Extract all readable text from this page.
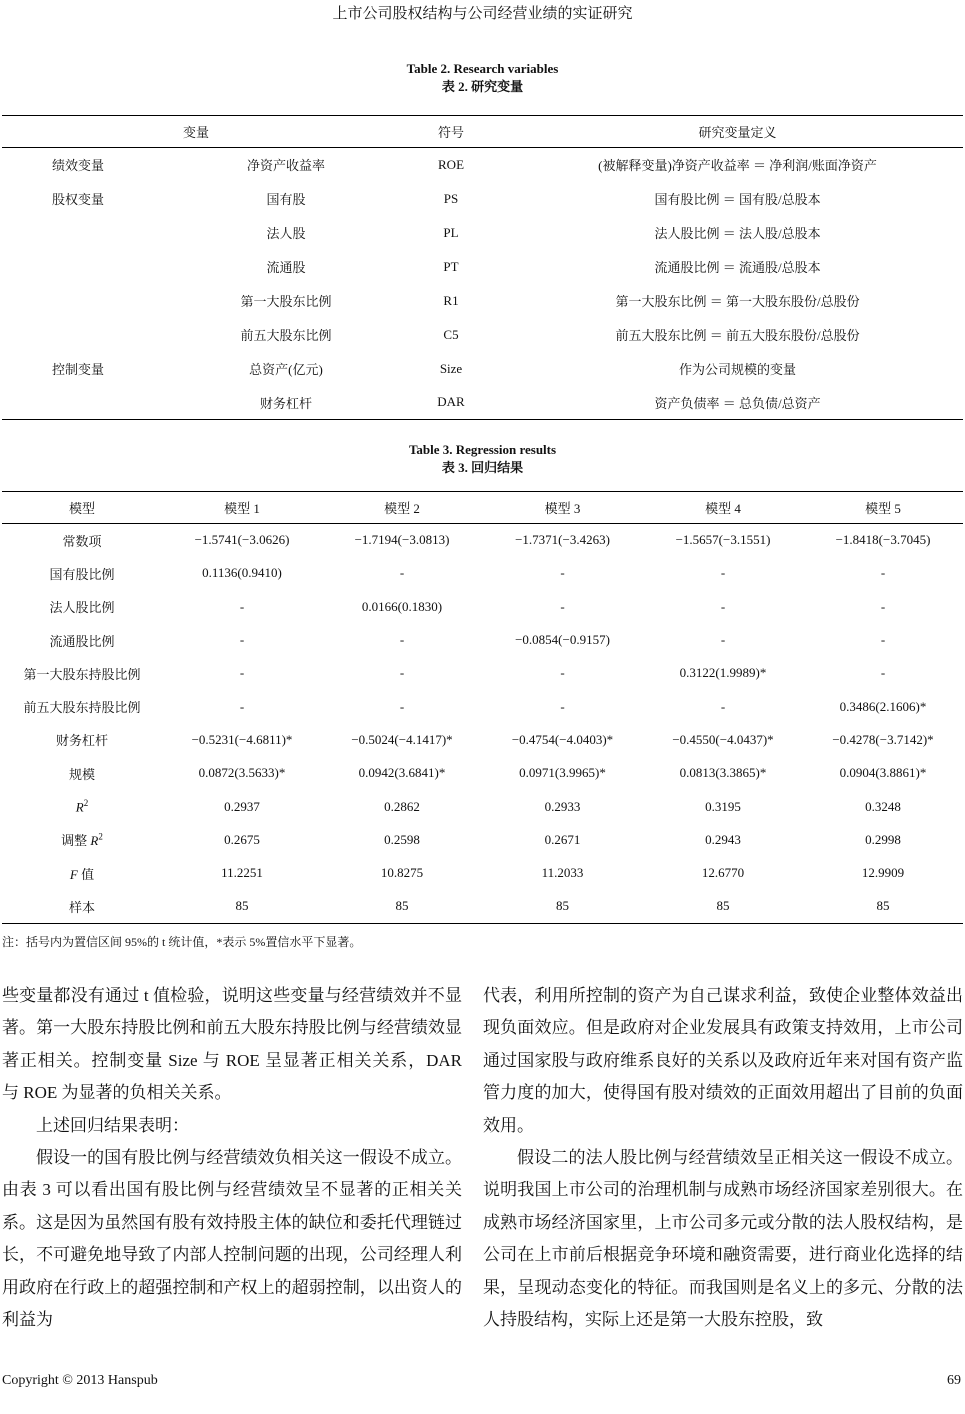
上市公司股权结构与公司经营业绩的实证研究
Table 2. Research variables
表 2. 研究变量
变量		符号	研究变量定义
绩效变量	净资产收益率	ROE	(被解释变量)净资产收益率 ＝ 净利润/账面净资产
股权变量	国有股	PS	国有股比例 ＝ 国有股/总股本
	法人股	PL	法人股比例 ＝ 法人股/总股本
	流通股	PT	流通股比例 ＝ 流通股/总股本
	第一大股东比例	R1	第一大股东比例 ＝ 第一大股东股份/总股份
	前五大股东比例	C5	前五大股东比例 ＝ 前五大股东股份/总股份
控制变量	总资产(亿元)	Size	作为公司规模的变量
	财务杠杆	DAR	资产负债率 ＝ 总负债/总资产
Table 3. Regression results
表 3. 回归结果
模型	模型 1	模型 2	模型 3	模型 4	模型 5
常数项	−1.5741(−3.0626)	−1.7194(−3.0813)	−1.7371(−3.4263)	−1.5657(−3.1551)	−1.8418(−3.7045)
国有股比例	0.1136(0.9410)	-	-	-	-
法人股比例	-	0.0166(0.1830)	-	-	-
流通股比例	-	-	−0.0854(−0.9157)	-	-
第一大股东持股比例	-	-	-	0.3122(1.9989)*	-
前五大股东持股比例	-	-	-	-	0.3486(2.1606)*
财务杠杆	−0.5231(−4.6811)*	−0.5024(−4.1417)*	−0.4754(−4.0403)*	−0.4550(−4.0437)*	−0.4278(−3.7142)*
规模	0.0872(3.5633)*	0.0942(3.6841)*	0.0971(3.9965)*	0.0813(3.3865)*	0.0904(3.8861)*
$R^2$	0.2937	0.2862	0.2933	0.3195	0.3248
调整 $R^2$	0.2675	0.2598	0.2671	0.2943	0.2998
F 值	11.2251	10.8275	11.2033	12.6770	12.9909
样本	85	85	85	85	85
注：括号内为置信区间 95%的 t 统计值，*表示 5%置信水平下显著。

些变量都没有通过 t 值检验，说明这些变量与经营绩效并不显著。第一大股东持股比例和前五大股东持股比例与经营绩效显著正相关。控制变量 Size 与 ROE 呈显著正相关关系，DAR 与 ROE 为显著的负相关关系。

上述回归结果表明：

假设一的国有股比例与经营绩效负相关这一假设不成立。由表 3 可以看出国有股比例与经营绩效呈不显著的正相关关系。这是因为虽然国有股有效持股主体的缺位和委托代理链过长，不可避免地导致了内部人控制问题的出现，公司经理人利用政府在行政上的超强控制和产权上的超弱控制，以出资人的利益为

代表，利用所控制的资产为自己谋求利益，致使企业整体效益出现负面效应。但是政府对企业发展具有政策支持效用，上市公司通过国家股与政府维系良好的关系以及政府近年来对国有资产监管力度的加大，使得国有股对绩效的正面效用超出了目前的负面效用。

假设二的法人股比例与经营绩效呈正相关这一假设不成立。说明我国上市公司的治理机制与成熟市场经济国家差别很大。在成熟市场经济国家里，上市公司多元或分散的法人股权结构，是公司在上市前后根据竞争环境和融资需要，进行商业化选择的结果，呈现动态变化的特征。而我国则是名义上的多元、分散的法人持股结构，实际上还是第一大股东控股，致

Copyright © 2013 Hanspub	69
